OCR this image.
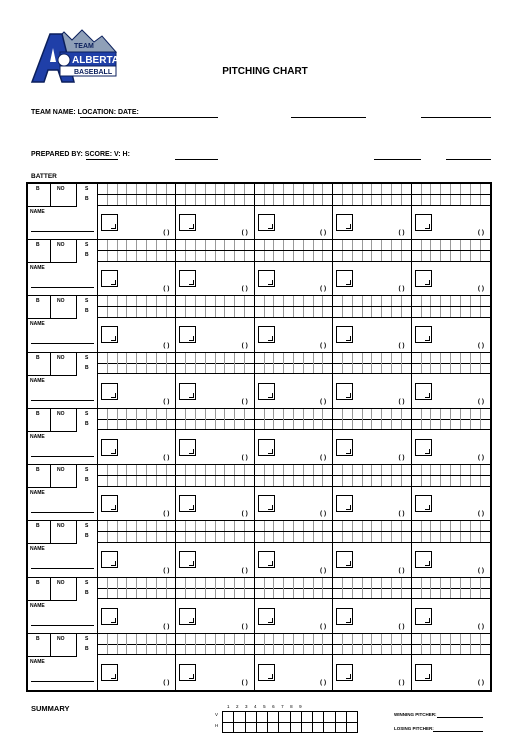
TEAM
ALBERTA
BASEBALL	PITCHING CHART
TEAM NAME: LOCATION: DATE:
PREPARED BY: SCORE: V: H:
BATTER
B	NO	S
B
NAME
( )	( )	( )	( )	( )
B	NO	S
B
NAME
( )	( )	( )	( )	( )
B	NO	S
B
NAME
( )	( )	( )	( )	( )
B	NO	S
B
NAME
( )	( )	( )	( )	( )
B	NO	S
B
NAME
( )	( )	( )	( )	( )
B	NO	S
B
NAME
( )	( )	( )	( )	( )
B	NO	S
B
NAME
( )	( )	( )	( )	( )
B	NO	S
B
NAME
( )	( )	( )	( )	( )
B	NO	S
B
NAME
( )	( )	( )	( )	( )
SUMMARY	1 2 3 4 5 6 7 8 9
V
H
WINNING PITCHER:
LOSING PITCHER:
